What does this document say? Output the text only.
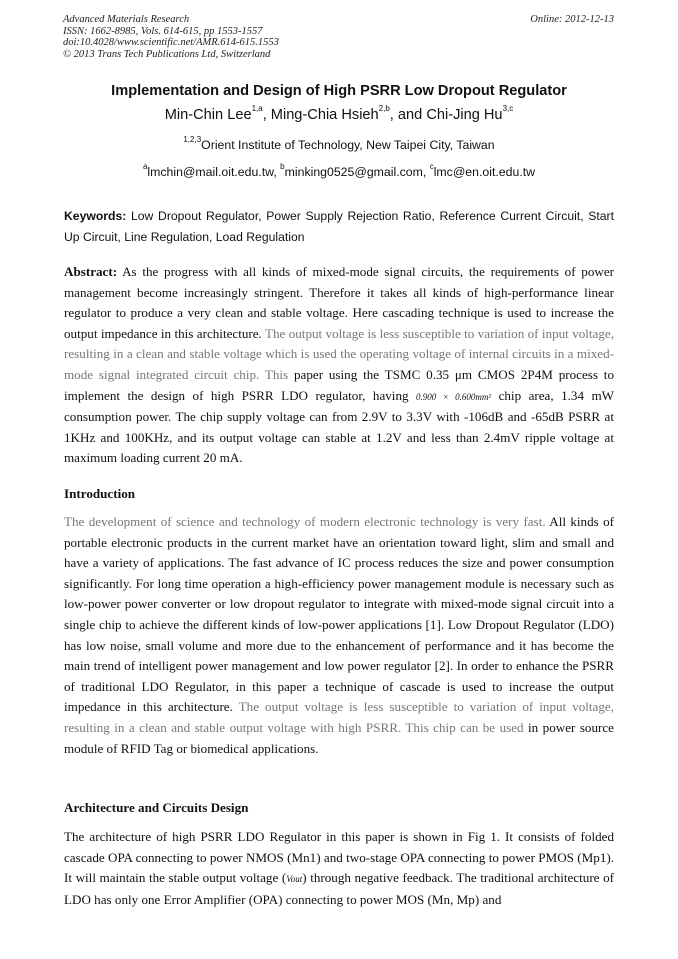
Advanced Materials Research
ISSN: 1662-8985, Vols. 614-615, pp 1553-1557
doi:10.4028/www.scientific.net/AMR.614-615.1553
© 2013 Trans Tech Publications Ltd, Switzerland
Online: 2012-12-13
Implementation and Design of High PSRR Low Dropout Regulator
Min-Chin Lee$^{1,a}$, Ming-Chia Hsieh$^{2,b}$, and Chi-Jing Hu$^{3,c}$
$^{1,2,3}$Orient Institute of Technology, New Taipei City, Taiwan
$^a$lmchin@mail.oit.edu.tw, $^b$minking0525@gmail.com, $^c$lmc@en.oit.edu.tw
Keywords: Low Dropout Regulator, Power Supply Rejection Ratio, Reference Current Circuit, Start Up Circuit, Line Regulation, Load Regulation
Abstract: As the progress with all kinds of mixed-mode signal circuits, the requirements of power management become increasingly stringent. Therefore it takes all kinds of high-performance linear regulator to produce a very clean and stable voltage. Here cascading technique is used to increase the output impedance in this architecture. The output voltage is less susceptible to variation of input voltage, resulting in a clean and stable voltage which is used the operating voltage of internal circuits in a mixed-mode signal integrated circuit chip. This paper using the TSMC 0.35 μm CMOS 2P4M process to implement the design of high PSRR LDO regulator, having 0.900 × 0.600mm² chip area, 1.34 mW consumption power. The chip supply voltage can from 2.9V to 3.3V with -106dB and -65dB PSRR at 1KHz and 100KHz, and its output voltage can stable at 1.2V and less than 2.4mV ripple voltage at maximum loading current 20 mA.
Introduction
The development of science and technology of modern electronic technology is very fast. All kinds of portable electronic products in the current market have an orientation toward light, slim and small and have a variety of applications. The fast advance of IC process reduces the size and power consumption significantly. For long time operation a high-efficiency power management module is necessary such as low-power power converter or low dropout regulator to integrate with mixed-mode signal circuit into a single chip to achieve the different kinds of low-power applications [1]. Low Dropout Regulator (LDO) has low noise, small volume and more due to the enhancement of performance and it has become the main trend of intelligent power management and low power regulator [2]. In order to enhance the PSRR of traditional LDO Regulator, in this paper a technique of cascade is used to increase the output impedance in this architecture. The output voltage is less susceptible to variation of input voltage, resulting in a clean and stable output voltage with high PSRR. This chip can be used in power source module of RFID Tag or biomedical applications.
Architecture and Circuits Design
The architecture of high PSRR LDO Regulator in this paper is shown in Fig 1. It consists of folded cascade OPA connecting to power NMOS (Mn1) and two-stage OPA connecting to power PMOS (Mp1). It will maintain the stable output voltage (Vout) through negative feedback. The traditional architecture of LDO has only one Error Amplifier (OPA) connecting to power MOS (Mn, Mp) and
